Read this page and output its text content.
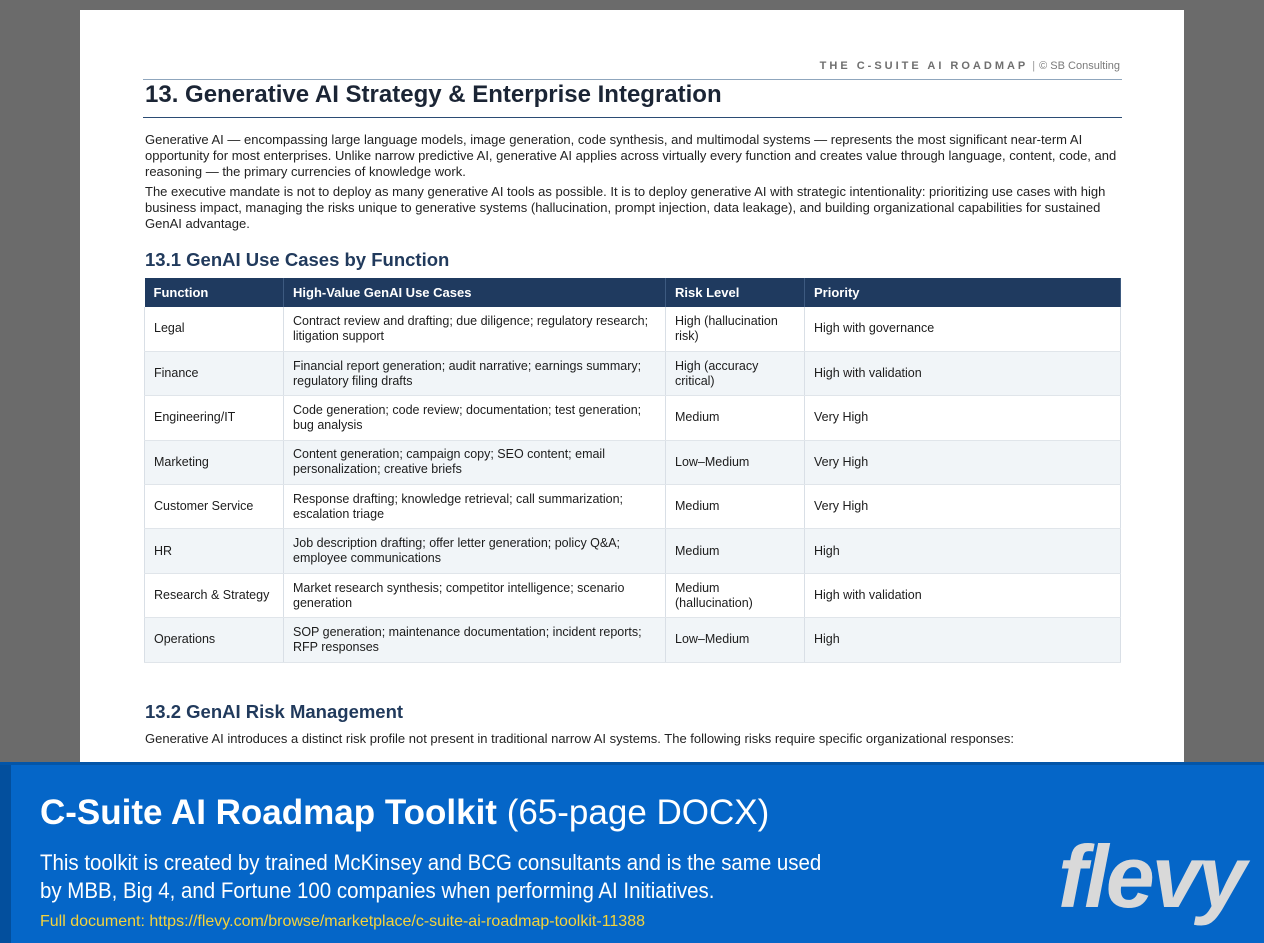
THE C-SUITE AI ROADMAP | © SB Consulting
13. Generative AI Strategy & Enterprise Integration

Generative AI — encompassing large language models, image generation, code synthesis, and multimodal systems — represents the most significant near-term AI opportunity for most enterprises. Unlike narrow predictive AI, generative AI applies across virtually every function and creates value through language, content, code, and reasoning — the primary currencies of knowledge work.

The executive mandate is not to deploy as many generative AI tools as possible. It is to deploy generative AI with strategic intentionality: prioritizing use cases with high business impact, managing the risks unique to generative systems (hallucination, prompt injection, data leakage), and building organizational capabilities for sustained GenAI advantage.

13.1 GenAI Use Cases by Function
Function	High-Value GenAI Use Cases	Risk Level	Priority
Legal	Contract review and drafting; due diligence; regulatory research; litigation support	High (hallucination risk)	High with governance
Finance	Financial report generation; audit narrative; earnings summary; regulatory filing drafts	High (accuracy critical)	High with validation
Engineering/IT	Code generation; code review; documentation; test generation; bug analysis	Medium	Very High
Marketing	Content generation; campaign copy; SEO content; email personalization; creative briefs	Low–Medium	Very High
Customer Service	Response drafting; knowledge retrieval; call summarization; escalation triage	Medium	Very High
HR	Job description drafting; offer letter generation; policy Q&A; employee communications	Medium	High
Research & Strategy	Market research synthesis; competitor intelligence; scenario generation	Medium (hallucination)	High with validation
Operations	SOP generation; maintenance documentation; incident reports; RFP responses	Low–Medium	High
13.2 GenAI Risk Management

Generative AI introduces a distinct risk profile not present in traditional narrow AI systems. The following risks require specific organizational responses:

C-Suite AI Roadmap Toolkit (65-page DOCX)
This toolkit is created by trained McKinsey and BCG consultants and is the same used by MBB, Big 4, and Fortune 100 companies when performing AI Initiatives.
Full document: https://flevy.com/browse/marketplace/c-suite-ai-roadmap-toolkit-11388	flevy
